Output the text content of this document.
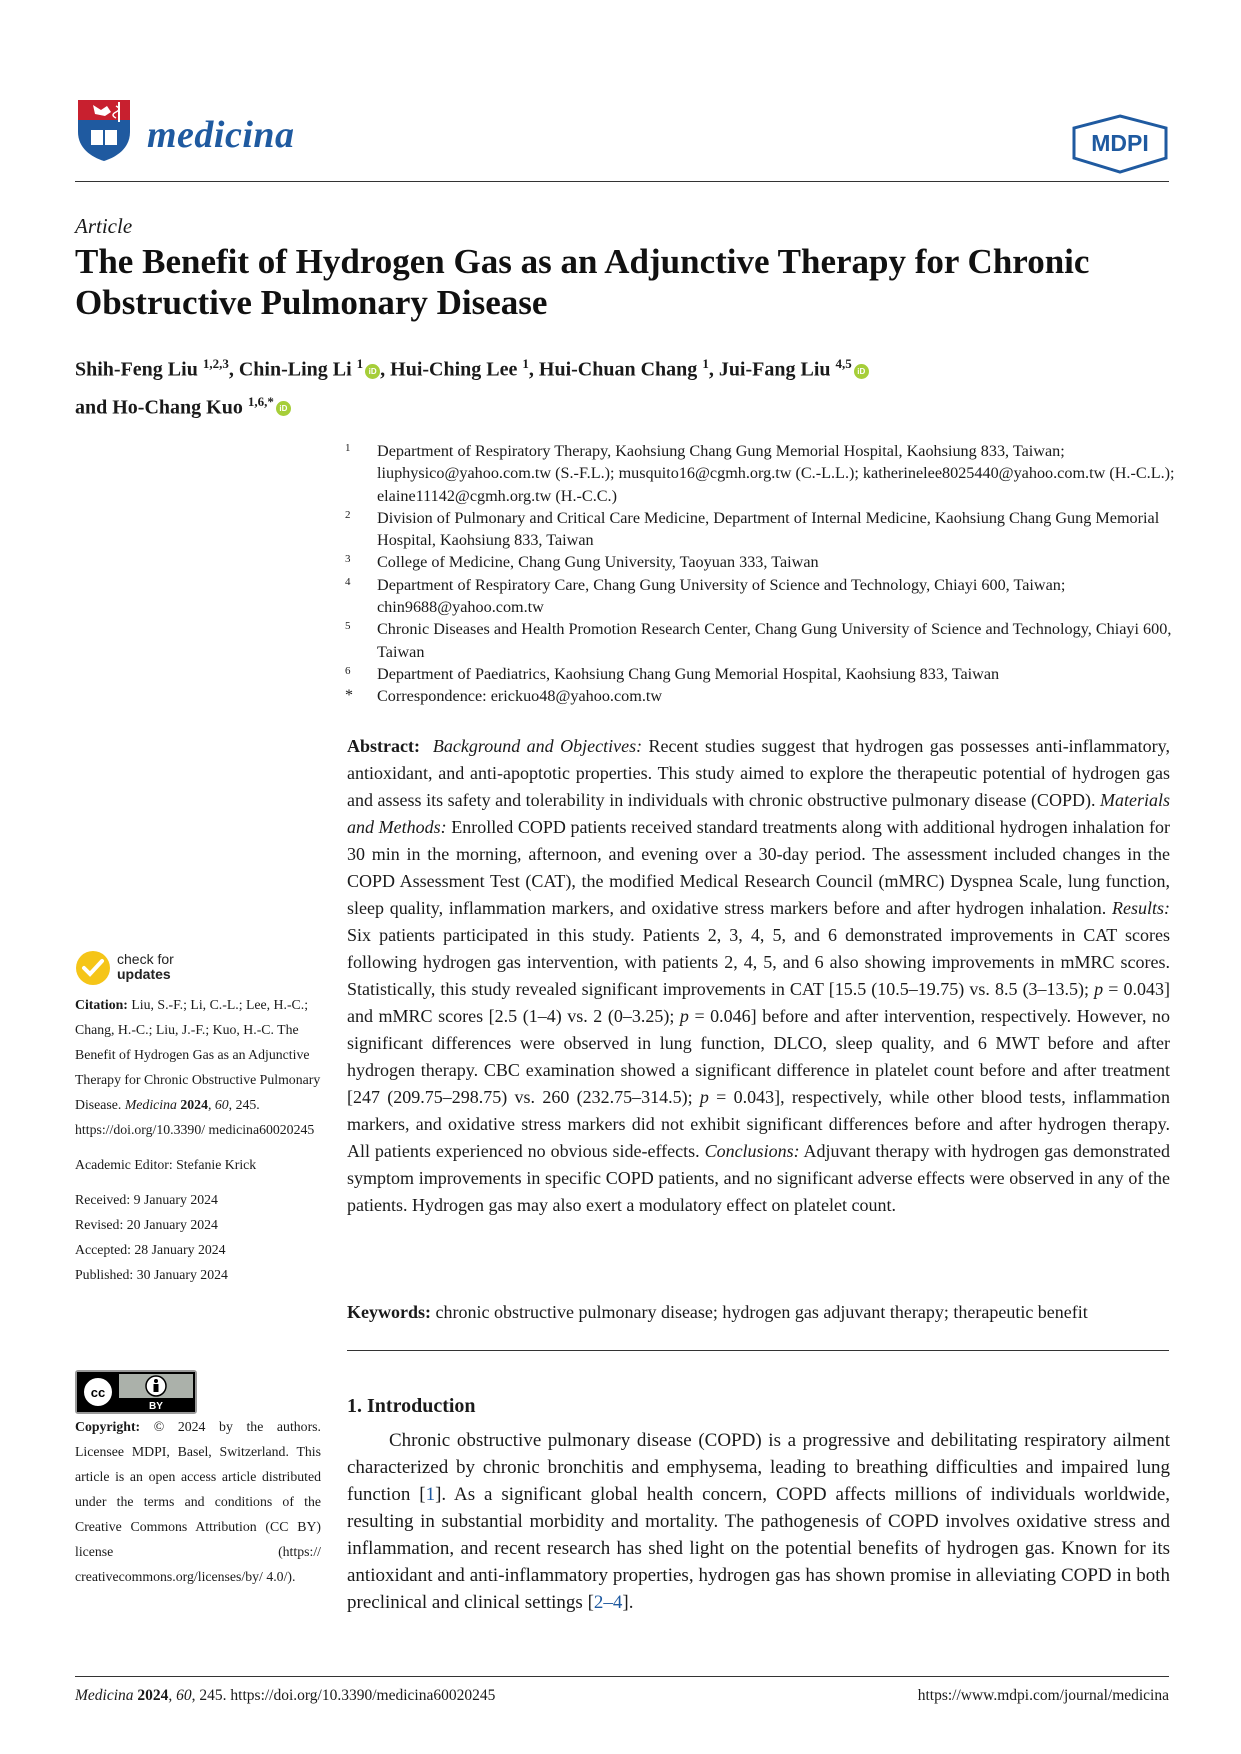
medicina	MDPI
Article
The Benefit of Hydrogen Gas as an Adjunctive Therapy for Chronic Obstructive Pulmonary Disease
Shih-Feng Liu $^{1,2,3}$, Chin-Ling Li $^1$iD , Hui-Ching Lee $^1$, Hui-Chuan Chang $^1$, Jui-Fang Liu $^{4,5}$iD
and Ho-Chang Kuo $^{1,6,*}$iD
1 Department of Respiratory Therapy, Kaohsiung Chang Gung Memorial Hospital, Kaohsiung 833, Taiwan; liuphysico@yahoo.com.tw (S.-F.L.); musquito16@cgmh.org.tw (C.-L.L.); katherinelee8025440@yahoo.com.tw (H.-C.L.); elaine11142@cgmh.org.tw (H.-C.C.)
2 Division of Pulmonary and Critical Care Medicine, Department of Internal Medicine, Kaohsiung Chang Gung Memorial Hospital, Kaohsiung 833, Taiwan
3 College of Medicine, Chang Gung University, Taoyuan 333, Taiwan
4 Department of Respiratory Care, Chang Gung University of Science and Technology, Chiayi 600, Taiwan; chin9688@yahoo.com.tw
5 Chronic Diseases and Health Promotion Research Center, Chang Gung University of Science and Technology, Chiayi 600, Taiwan
6 Department of Paediatrics, Kaohsiung Chang Gung Memorial Hospital, Kaohsiung 833, Taiwan
* Correspondence: erickuo48@yahoo.com.tw
Abstract: Background and Objectives: Recent studies suggest that hydrogen gas possesses anti-inflammatory, antioxidant, and anti-apoptotic properties. This study aimed to explore the therapeutic potential of hydrogen gas and assess its safety and tolerability in individuals with chronic obstructive pulmonary disease (COPD). Materials and Methods: Enrolled COPD patients received standard treatments along with additional hydrogen inhalation for 30 min in the morning, afternoon, and evening over a 30-day period. The assessment included changes in the COPD Assessment Test (CAT), the modified Medical Research Council (mMRC) Dyspnea Scale, lung function, sleep quality, inflammation markers, and oxidative stress markers before and after hydrogen inhalation. Results: Six patients participated in this study. Patients 2, 3, 4, 5, and 6 demonstrated improvements in CAT scores following hydrogen gas intervention, with patients 2, 4, 5, and 6 also showing improvements in mMRC scores. Statistically, this study revealed significant improvements in CAT [15.5 (10.5–19.75) vs. 8.5 (3–13.5); p = 0.043] and mMRC scores [2.5 (1–4) vs. 2 (0–3.25); p = 0.046] before and after intervention, respectively. However, no significant differences were observed in lung function, DLCO, sleep quality, and 6 MWT before and after hydrogen therapy. CBC examination showed a significant difference in platelet count before and after treatment [247 (209.75–298.75) vs. 260 (232.75–314.5); p = 0.043], respectively, while other blood tests, inflammation markers, and oxidative stress markers did not exhibit significant differences before and after hydrogen therapy. All patients experienced no obvious side-effects. Conclusions: Adjuvant therapy with hydrogen gas demonstrated symptom improvements in specific COPD patients, and no significant adverse effects were observed in any of the patients. Hydrogen gas may also exert a modulatory effect on platelet count.
Keywords: chronic obstructive pulmonary disease; hydrogen gas adjuvant therapy; therapeutic benefit
1. Introduction

Chronic obstructive pulmonary disease (COPD) is a progressive and debilitating respiratory ailment characterized by chronic bronchitis and emphysema, leading to breathing difficulties and impaired lung function [1]. As a significant global health concern, COPD affects millions of individuals worldwide, resulting in substantial morbidity and mortality. The pathogenesis of COPD involves oxidative stress and inflammation, and recent research has shed light on the potential benefits of hydrogen gas. Known for its antioxidant and anti-inflammatory properties, hydrogen gas has shown promise in alleviating COPD in both preclinical and clinical settings [2–4].

check for
updates
Citation: Liu, S.-F.; Li, C.-L.; Lee, H.-C.; Chang, H.-C.; Liu, J.-F.; Kuo, H.-C. The Benefit of Hydrogen Gas as an Adjunctive Therapy for Chronic Obstructive Pulmonary Disease. Medicina 2024, 60, 245. https://doi.org/10.3390/ medicina60020245
Academic Editor: Stefanie Krick
Received: 9 January 2024
Revised: 20 January 2024
Accepted: 28 January 2024
Published: 30 January 2024
cc
BY
Copyright: © 2024 by the authors. Licensee MDPI, Basel, Switzerland. This article is an open access article distributed under the terms and conditions of the Creative Commons Attribution (CC BY) license (https:// creativecommons.org/licenses/by/ 4.0/).
Medicina 2024, 60, 245. https://doi.org/10.3390/medicina60020245	https://www.mdpi.com/journal/medicina
